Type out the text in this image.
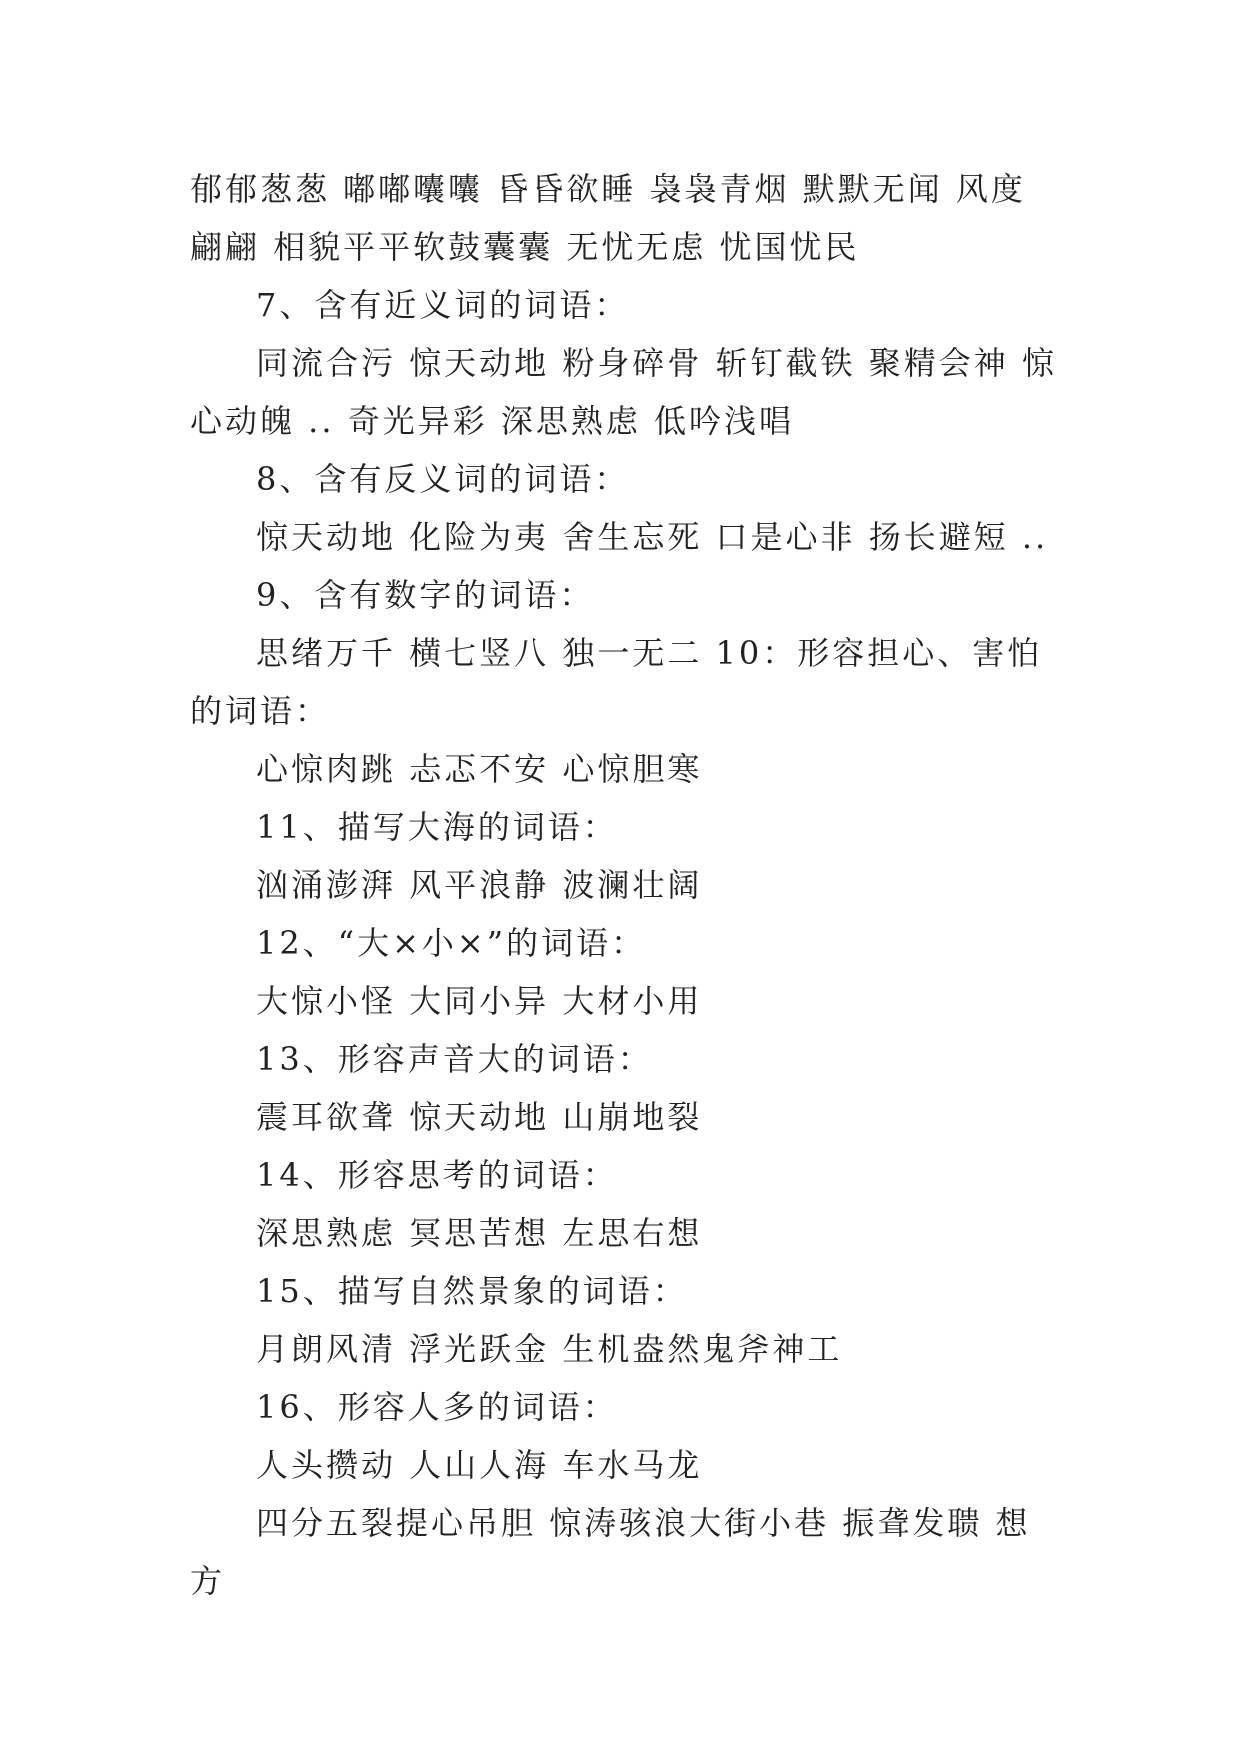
郁郁葱葱 嘟嘟囔囔 昏昏欲睡 袅袅青烟 默默无闻 风度翩翩 相貌平平软鼓囊囊 无忧无虑 忧国忧民

7、含有近义词的词语：

同流合污 惊天动地 粉身碎骨 斩钉截铁 聚精会神 惊心动魄 .. 奇光异彩 深思熟虑 低吟浅唱

8、含有反义词的词语：

惊天动地 化险为夷 舍生忘死 口是心非 扬长避短 ..

9、含有数字的词语：

思绪万千 横七竖八 独一无二 10：形容担心、害怕的词语：

心惊肉跳 忐忑不安 心惊胆寒

11、描写大海的词语：

汹涌澎湃 风平浪静 波澜壮阔

12、“大×小×”的词语：

大惊小怪 大同小异 大材小用

13、形容声音大的词语：

震耳欲聋 惊天动地 山崩地裂

14、形容思考的词语：

深思熟虑 冥思苦想 左思右想

15、描写自然景象的词语：

月朗风清 浮光跃金 生机盎然鬼斧神工

16、形容人多的词语：

人头攒动 人山人海 车水马龙

四分五裂提心吊胆 惊涛骇浪大街小巷 振聋发聩 想方
